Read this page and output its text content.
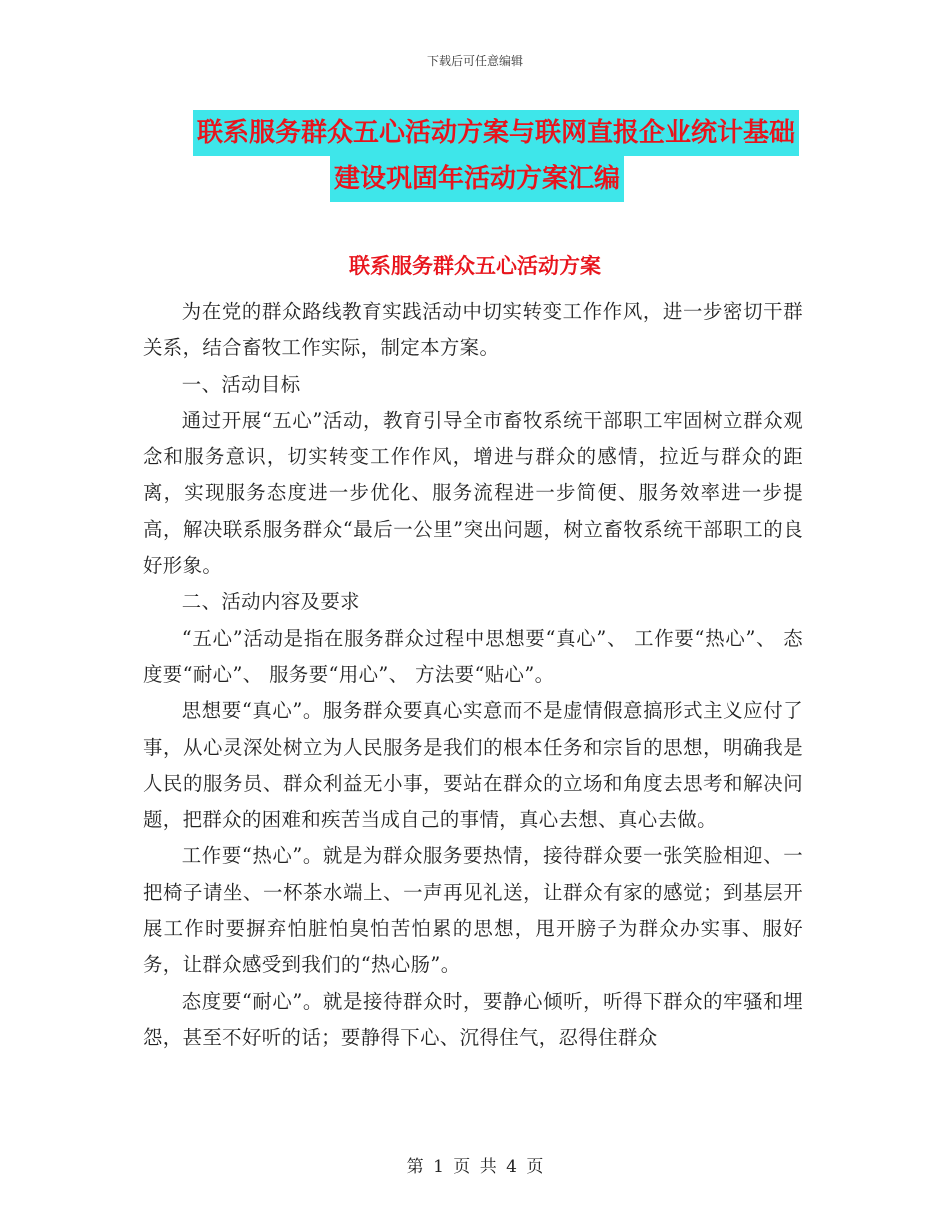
下载后可任意编辑
联系服务群众五心活动方案与联网直报企业统计基础
建设巩固年活动方案汇编
联系服务群众五心活动方案

为在党的群众路线教育实践活动中切实转变工作作风，进一步密切干群关系，结合畜牧工作实际，制定本方案。

一、活动目标

通过开展“五心”活动，教育引导全市畜牧系统干部职工牢固树立群众观念和服务意识，切实转变工作作风，增进与群众的感情，拉近与群众的距离，实现服务态度进一步优化、服务流程进一步简便、服务效率进一步提高，解决联系服务群众“最后一公里”突出问题，树立畜牧系统干部职工的良好形象。

二、活动内容及要求

“五心”活动是指在服务群众过程中思想要“真心”、 工作要“热心”、 态度要“耐心”、 服务要“用心”、 方法要“贴心”。

思想要“真心”。服务群众要真心实意而不是虚情假意搞形式主义应付了事，从心灵深处树立为人民服务是我们的根本任务和宗旨的思想，明确我是人民的服务员、群众利益无小事，要站在群众的立场和角度去思考和解决问题，把群众的困难和疾苦当成自己的事情，真心去想、真心去做。

工作要“热心”。就是为群众服务要热情，接待群众要一张笑脸相迎、一把椅子请坐、一杯茶水端上、一声再见礼送，让群众有家的感觉；到基层开展工作时要摒弃怕脏怕臭怕苦怕累的思想，甩开膀子为群众办实事、服好务，让群众感受到我们的“热心肠”。

态度要“耐心”。就是接待群众时，要静心倾听，听得下群众的牢骚和埋怨，甚至不好听的话；要静得下心、沉得住气，忍得住群众

第 1 页 共 4 页
